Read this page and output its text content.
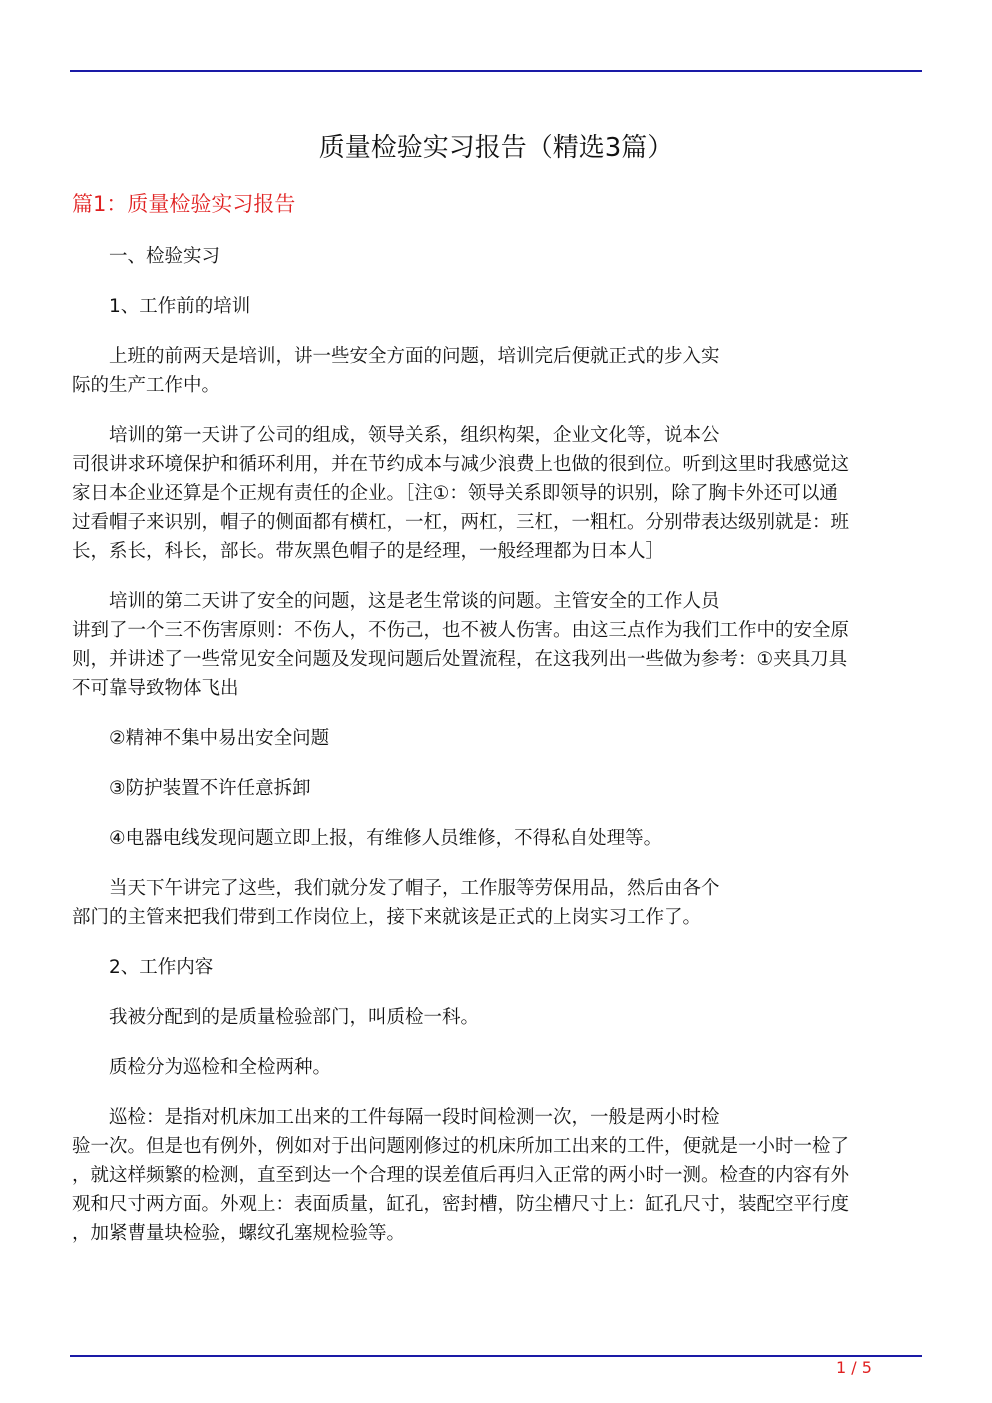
质量检验实习报告（精选3篇）
篇1：质量检验实习报告
一、检验实习
1、工作前的培训
上班的前两天是培训，讲一些安全方面的问题，培训完后便就正式的步入实
际的生产工作中。
培训的第一天讲了公司的组成，领导关系，组织构架，企业文化等，说本公
司很讲求环境保护和循环利用，并在节约成本与减少浪费上也做的很到位。听到这里时我感觉这
家日本企业还算是个正规有责任的企业。［注①：领导关系即领导的识别，除了胸卡外还可以通
过看帽子来识别，帽子的侧面都有横杠，一杠，两杠，三杠，一粗杠。分别带表达级别就是：班
长，系长，科长，部长。带灰黑色帽子的是经理，一般经理都为日本人］
培训的第二天讲了安全的问题，这是老生常谈的问题。主管安全的工作人员
讲到了一个三不伤害原则：不伤人，不伤己，也不被人伤害。由这三点作为我们工作中的安全原
则，并讲述了一些常见安全问题及发现问题后处置流程，在这我列出一些做为参考：①夹具刀具
不可靠导致物体飞出
②精神不集中易出安全问题
③防护装置不许任意拆卸
④电器电线发现问题立即上报，有维修人员维修，不得私自处理等。
当天下午讲完了这些，我们就分发了帽子，工作服等劳保用品，然后由各个
部门的主管来把我们带到工作岗位上，接下来就该是正式的上岗实习工作了。
2、工作内容
我被分配到的是质量检验部门，叫质检一科。
质检分为巡检和全检两种。
巡检：是指对机床加工出来的工件每隔一段时间检测一次，一般是两小时检
验一次。但是也有例外，例如对于出问题刚修过的机床所加工出来的工件，便就是一小时一检了
，就这样频繁的检测，直至到达一个合理的误差值后再归入正常的两小时一测。检查的内容有外
观和尺寸两方面。外观上：表面质量，缸孔，密封槽，防尘槽尺寸上：缸孔尺寸，装配空平行度
，加紧曹量块检验，螺纹孔塞规检验等。
1 / 5
